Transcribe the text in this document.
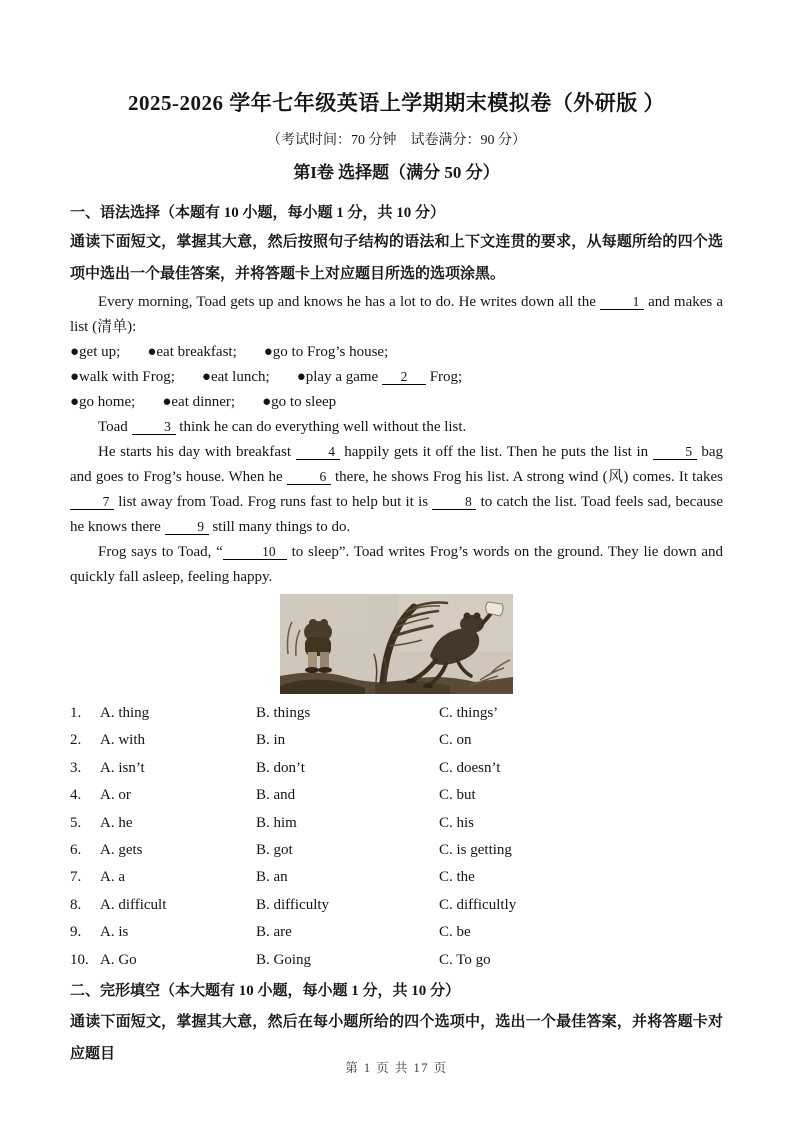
2025-2026 学年七年级英语上学期期末模拟卷（外研版 ）
（考试时间：70 分钟　试卷满分：90 分）
第I卷 选择题（满分 50 分）
一、语法选择（本题有 10 小题，每小题 1 分，共 10 分）
通读下面短文，掌握其大意，然后按照句子结构的语法和上下文连贯的要求，从每题所给的四个选项中选出一个最佳答案，并将答题卡上对应题目所选的选项涂黑。

Every morning, Toad gets up and knows he has a lot to do. He writes down all the 1 and makes a list (清单):

●get up; ●eat breakfast; ●go to Frog’s house;

●walk with Frog; ●eat lunch; ●play a game 2 Frog;

●go home; ●eat dinner; ●go to sleep

Toad 3 think he can do everything well without the list.

He starts his day with breakfast 4 happily gets it off the list. Then he puts the list in 5 bag and goes to Frog’s house. When he 6 there, he shows Frog his list. A strong wind (风) comes. It takes 7 list away from Toad. Frog runs fast to help but it is 8 to catch the list. Toad feels sad, because he knows there 9 still many things to do.

Frog says to Toad, “	10 to sleep”. Toad writes Frog’s words on the ground. They lie down and quickly fall asleep, feeling happy.

1.	A. thing	B. things	C. things’
2.	A. with	B. in	C. on
3.	A. isn’t	B. don’t	C. doesn’t
4.	A. or	B. and	C. but
5.	A. he	B. him	C. his
6.	A. gets	B. got	C. is getting
7.	A. a	B. an	C. the
8.	A. difficult	B. difficulty	C. difficultly
9.	A. is	B. are	C. be
10. A. Go	B. Going	C. To go
二、完形填空（本大题有 10 小题，每小题 1 分，共 10 分）
通读下面短文，掌握其大意，然后在每小题所给的四个选项中，选出一个最佳答案，并将答题卡对应题目
第 1 页 共 17 页
